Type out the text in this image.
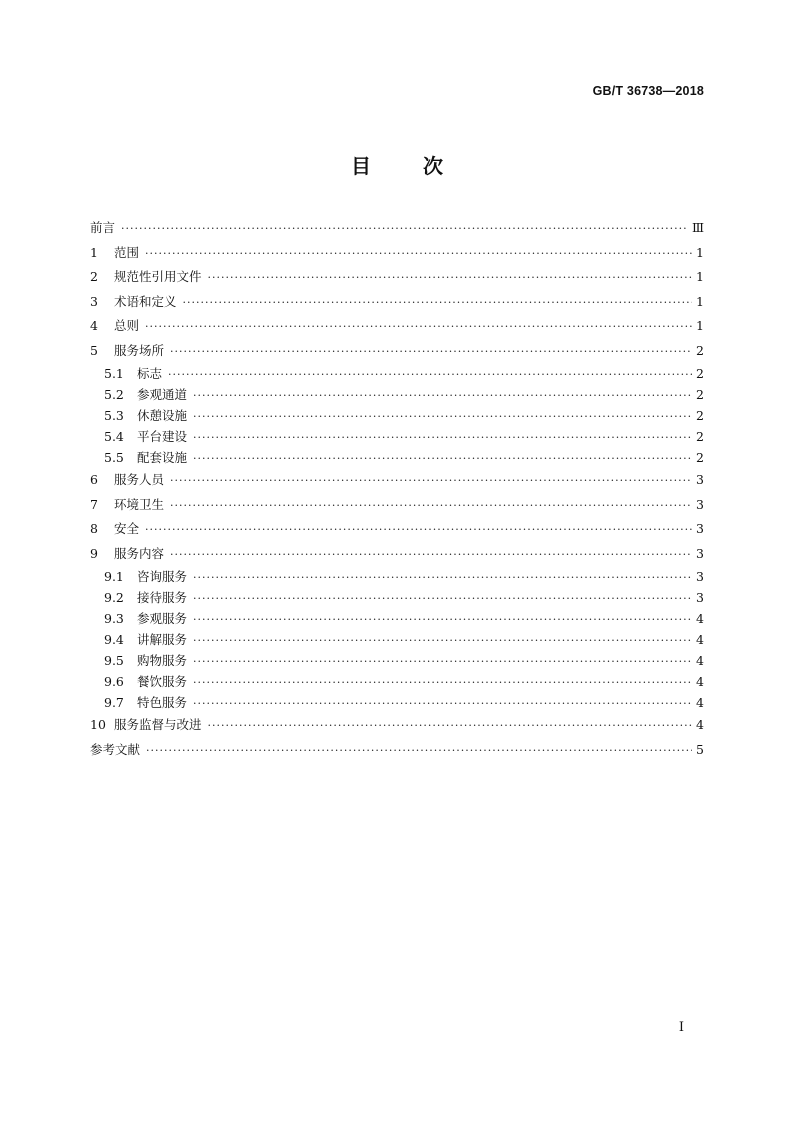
GB/T 36738—2018
目	次
前言 ·····	Ⅲ
1	范围 ·····	1
2	规范性引用文件 ·····	1
3	术语和定义 ·····	1
4	总则 ·····	1
5	服务场所 ·····	2
5.1	标志 ·····	2
5.2	参观通道 ·····	2
5.3	休憩设施 ·····	2
5.4	平台建设 ·····	2
5.5	配套设施 ·····	2
6	服务人员 ·····	3
7	环境卫生 ·····	3
8	安全 ·····	3
9	服务内容 ·····	3
9.1	咨询服务 ·····	3
9.2	接待服务 ·····	3
9.3	参观服务 ·····	4
9.4	讲解服务 ·····	4
9.5	购物服务 ·····	4
9.6	餐饮服务 ·····	4
9.7	特色服务 ·····	4
10 服务监督与改进 ·····	4
参考文献 ·····	5
I
